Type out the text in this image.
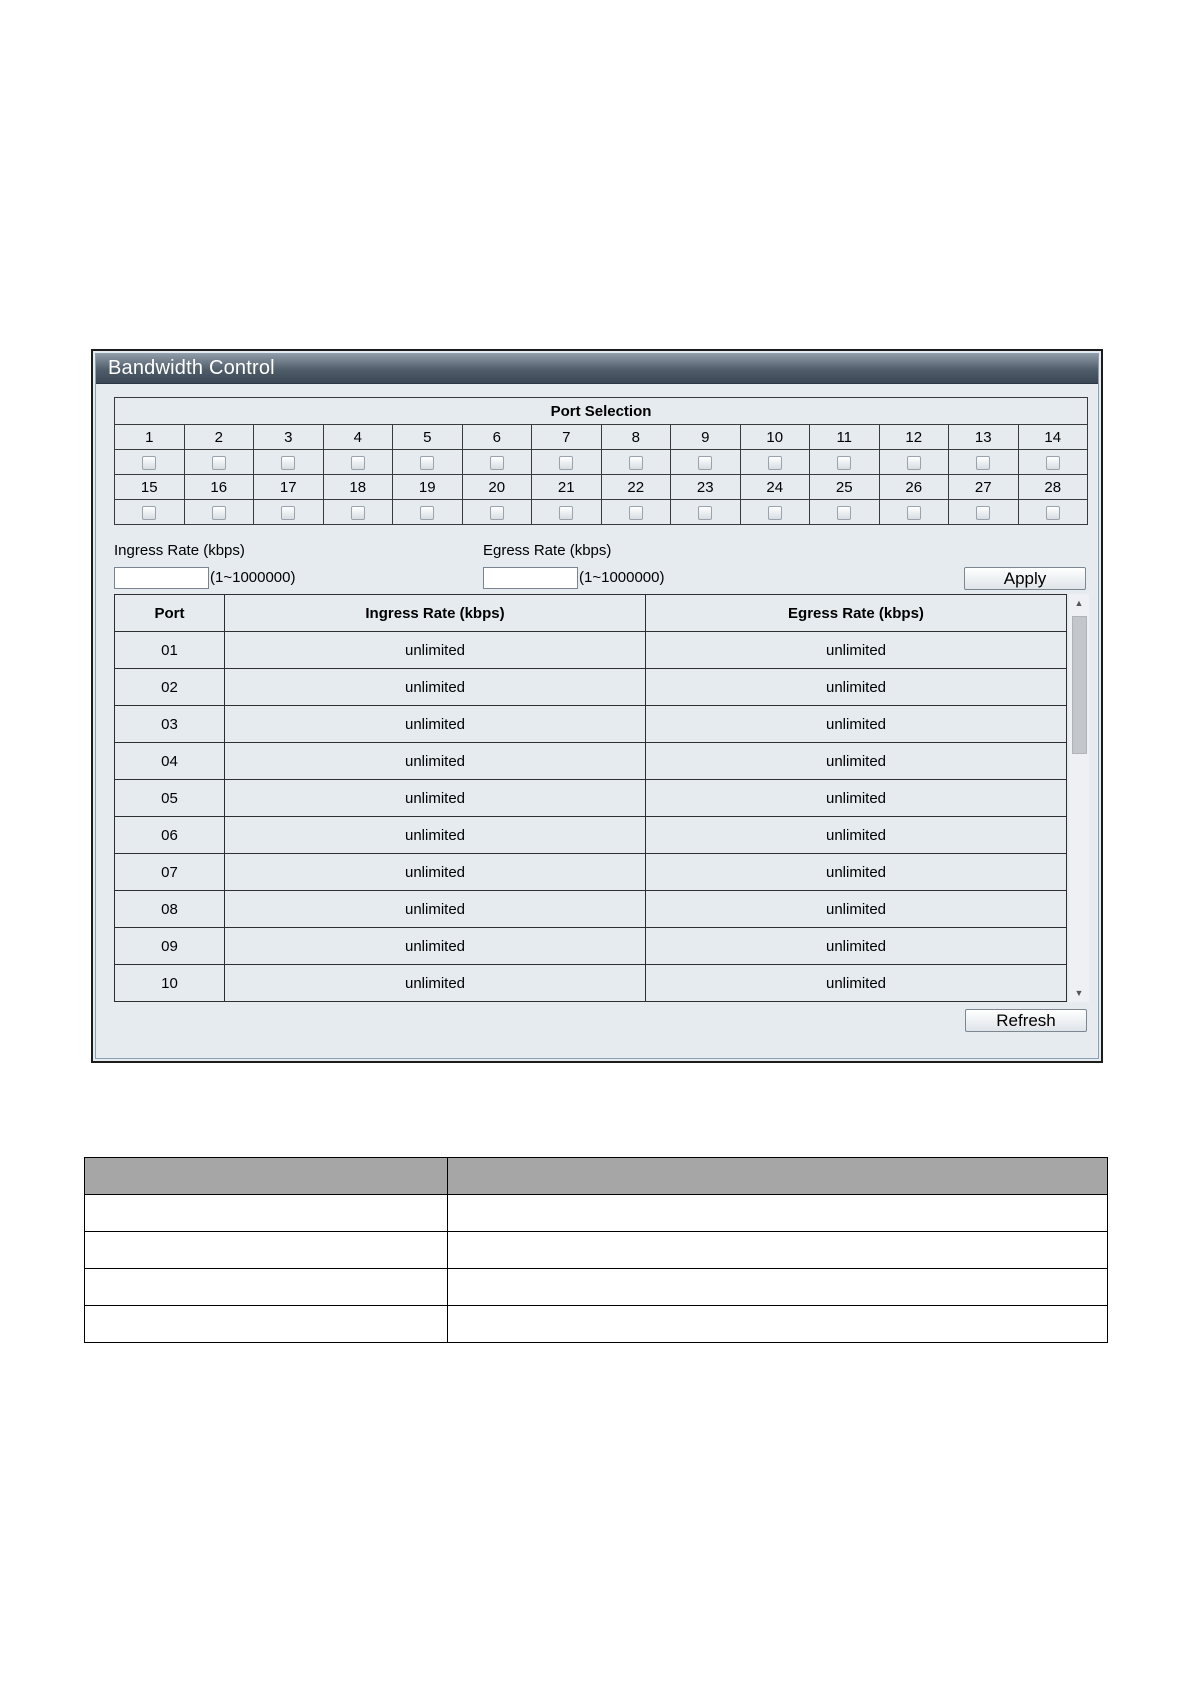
Bandwidth Control
Port Selection													
1	2	3	4	5	6	7	8	9	10	11	12	13	14

15	16	17	18	19	20	21	22	23	24	25	26	27	28

Ingress Rate (kbps)
(1~1000000)
Egress Rate (kbps)
(1~1000000)	Apply
Port	Ingress Rate (kbps)	Egress Rate (kbps)
01	unlimited	unlimited
02	unlimited	unlimited
03	unlimited	unlimited
04	unlimited	unlimited
05	unlimited	unlimited
06	unlimited	unlimited
07	unlimited	unlimited
08	unlimited	unlimited
09	unlimited	unlimited
10	unlimited	unlimited

▲
▼
Refresh
